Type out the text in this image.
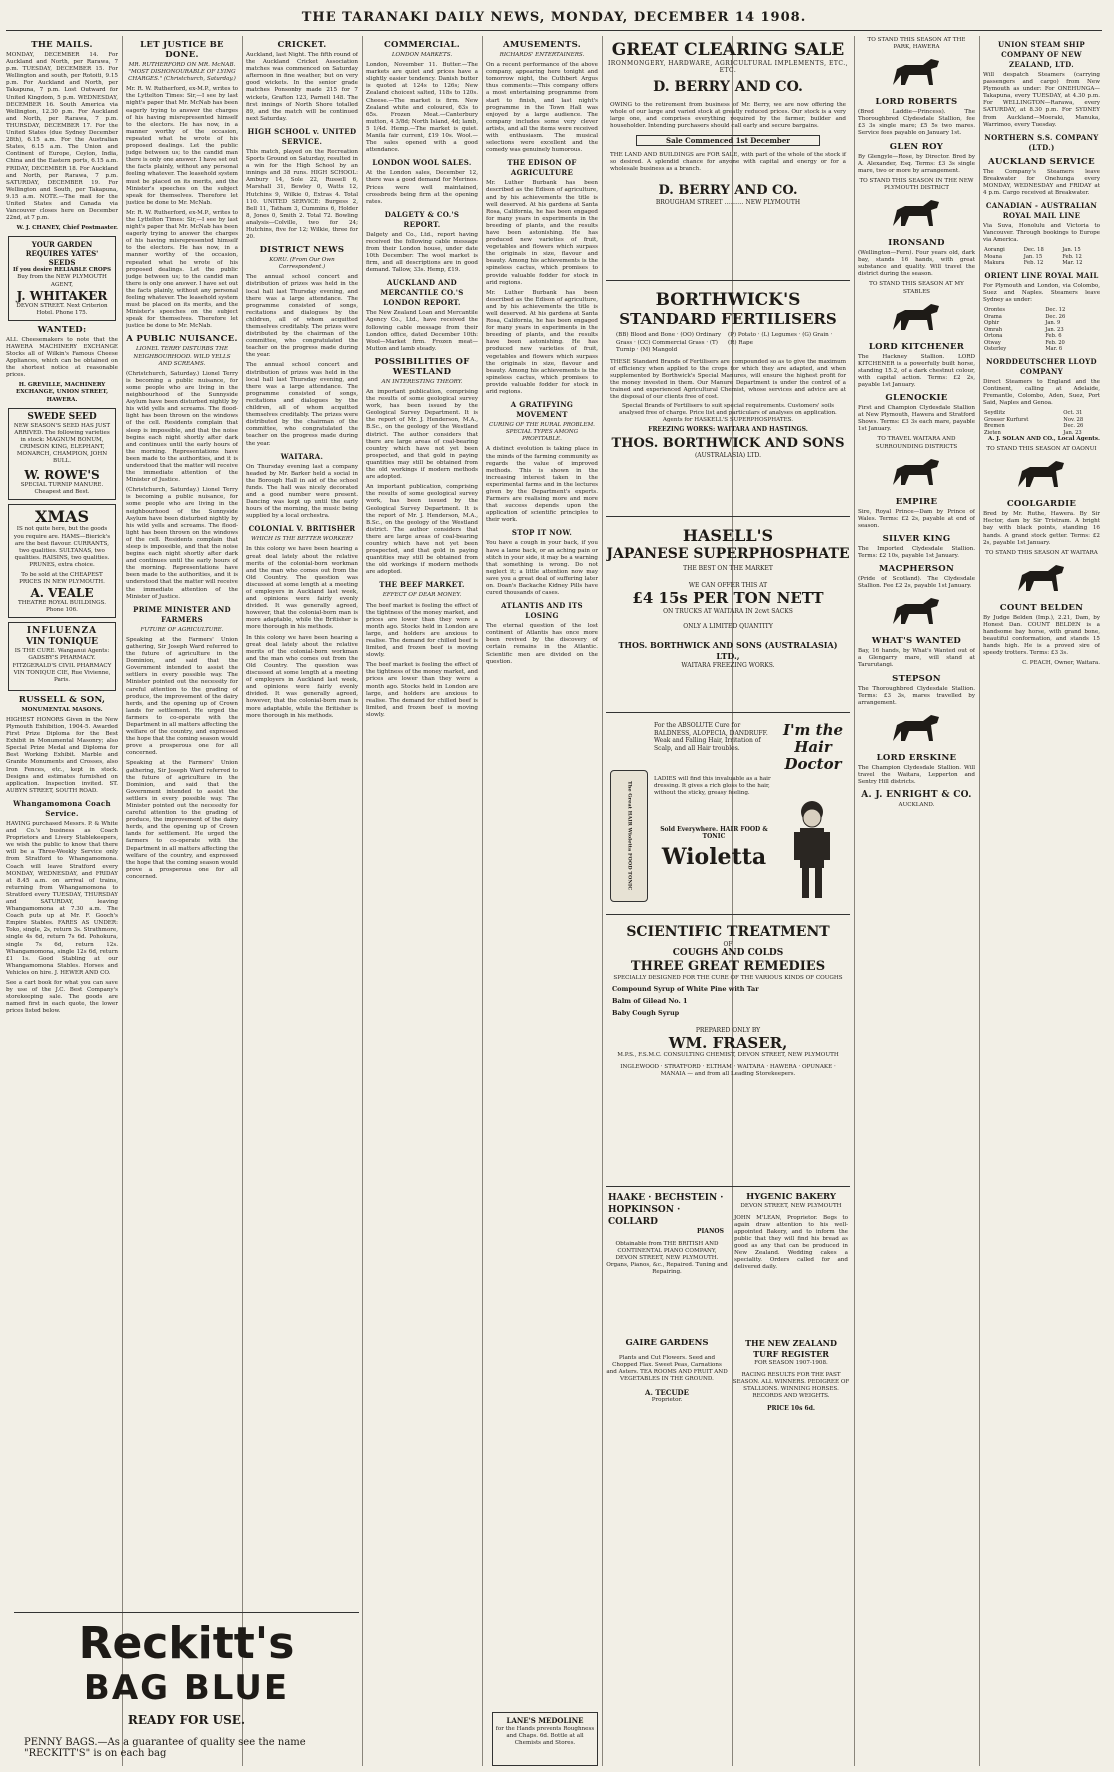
THE TARANAKI DAILY NEWS, MONDAY, DECEMBER 14 1908.
THE MAILS.

MONDAY, DECEMBER 14. For Auckland and North, per Rarawa, 7 p.m. TUESDAY, DECEMBER 15. For Wellington and south, per Rotoiti, 9.15 p.m. For Auckland and North, per Takapuna, 7 p.m. Lost Outward for United Kingdom, 5 p.m. WEDNESDAY, DECEMBER 16. South America via Wellington, 12.30 p.m. For Auckland and North, per Rarawa, 7 p.m. THURSDAY, DECEMBER 17. For the United States (due Sydney December 28th), 6.15 a.m. For the Australian States, 6.15 a.m. The Union and Continent of Europe, Ceylon, India, China and the Eastern ports, 6.15 a.m. FRIDAY, DECEMBER 18. For Auckland and North, per Rarawa, 7 p.m. SATURDAY, DECEMBER 19. For Wellington and South, per Takapuna, 9.15 a.m. NOTE.—The mail for the United States and Canada via Vancouver closes here on December 22nd, at 7 p.m.

W. J. CHANEY, Chief Postmaster.

YOUR GARDEN REQUIRES YATES' SEEDS
If you desire RELIABLE CROPS
Buy from the NEW PLYMOUTH AGENT,
J. WHITAKER
DEVON STREET. Next Criterion Hotel. Phone 175.
WANTED:

ALL Cheesemakers to note that the HAWERA MACHINERY EXCHANGE Stocks all of Wilkin's Famous Cheese Appliances, which can be obtained on the shortest notice at reasonable prices.

H. GREVILLE, MACHINERY EXCHANGE, UNION STREET, HAWERA.

SWEDE SEED

NEW SEASON'S SEED HAS JUST ARRIVED. The following varieties in stock: MAGNUM BONUM, CRIMSON KING, ELEPHANT, MONARCH, CHAMPION, JOHN BULL.

W. ROWE'S
SPECIAL TURNIP MANURE. Cheapest and Best.
XMAS

IS not quite here, but the goods you require are. HAMS—Bierick's are the best flavour. CURRANTS, two qualities. SULTANAS, two qualities. RAISINS, two qualities. PRUNES, extra choice.

To be sold at the CHEAPEST PRICES IN NEW PLYMOUTH.
A. VEALE
THEATRE ROYAL BUILDINGS. Phone 106.
INFLUENZA
VIN TONIQUE

IS THE CURE. Wanganui Agents: GADSBY'S PHARMACY. FITZGERALD'S CIVIL PHARMACY VIN TONIQUE CIE, Rue Vivienne, Paris.

RUSSELL & SON,
MONUMENTAL MASONS.

HIGHEST HONORS Given in the New Plymouth Exhibition, 1904-5. Awarded First Prize Diploma for the Best Exhibit in Monumental Masonry; also Special Prize Medal and Diploma for Best Working Exhibit. Marble and Granite Monuments and Crosses, also Iron Fences, etc., kept in stock. Designs and estimates furnished on application. Inspection invited. ST. AUBYN STREET, SOUTH ROAD.

Whangamomona Coach Service.

HAVING purchased Messrs. P. & White and Co.'s business as Coach Proprietors and Livery Stablekeepers, we wish the public to know that there will be a Three-Weekly Service only from Stratford to Whangamomona. Coach will leave Stratford every MONDAY, WEDNESDAY, and FRIDAY at 8.45 a.m. on arrival of trains, returning from Whangamomona to Stratford every TUESDAY, THURSDAY and SATURDAY, leaving Whangamomona at 7.30 a.m. The Coach puts up at Mr. F. Gooch's Empire Stables. FARES AS UNDER: Toko, single, 2s, return 3s. Strathmore, single 4s 6d, return 7s 6d. Pohokura, single 7s 6d, return 12s. Whangamomona, single 12s 6d, return £1 1s. Good Stabling at our Whangamomona Stables. Horses and Vehicles on hire. J. HEWER AND CO.

See a cart book for what you can save by use of the J.C. Best Company's storekeeping sale. The goods are named first in each quote, the lower prices listed below.

LET JUSTICE BE DONE.
MR. RUTHERFORD ON MR. McNAB. "MOST DISHONOURABLE OF LYING CHARGES." (Christchurch, Saturday.)

Mr. R. W. Rutherford, ex-M.P., writes to the Lyttelton Times: Sir,—I see by last night's paper that Mr. McNab has been eagerly trying to answer the charges of his having misrepresented himself to the electors. He has now, in a manner worthy of the occasion, repeated what he wrote of his proposed dealings. Let the public judge between us; to the candid man there is only one answer. I have set out the facts plainly, without any personal feeling whatever. The leasehold system must be placed on its merits, and the Minister's speeches on the subject speak for themselves. Therefore let justice be done to Mr. McNab.

Mr. R. W. Rutherford, ex-M.P., writes to the Lyttelton Times: Sir,—I see by last night's paper that Mr. McNab has been eagerly trying to answer the charges of his having misrepresented himself to the electors. He has now, in a manner worthy of the occasion, repeated what he wrote of his proposed dealings. Let the public judge between us; to the candid man there is only one answer. I have set out the facts plainly, without any personal feeling whatever. The leasehold system must be placed on its merits, and the Minister's speeches on the subject speak for themselves. Therefore let justice be done to Mr. McNab.

A PUBLIC NUISANCE.
LIONEL TERRY DISTURBS THE NEIGHBOURHOOD. WILD YELLS AND SCREAMS.

(Christchurch, Saturday.) Lionel Terry is becoming a public nuisance, for some people who are living in the neighbourhood of the Sunnyside Asylum have been disturbed nightly by his wild yells and screams. The flood-light has been thrown on the windows of the cell. Residents complain that sleep is impossible, and that the noise begins each night shortly after dark and continues until the early hours of the morning. Representations have been made to the authorities, and it is understood that the matter will receive the immediate attention of the Minister of Justice.

(Christchurch, Saturday.) Lionel Terry is becoming a public nuisance, for some people who are living in the neighbourhood of the Sunnyside Asylum have been disturbed nightly by his wild yells and screams. The flood-light has been thrown on the windows of the cell. Residents complain that sleep is impossible, and that the noise begins each night shortly after dark and continues until the early hours of the morning. Representations have been made to the authorities, and it is understood that the matter will receive the immediate attention of the Minister of Justice.

PRIME MINISTER AND FARMERS
FUTURE OF AGRICULTURE.

Speaking at the Farmers' Union gathering, Sir Joseph Ward referred to the future of agriculture in the Dominion, and said that the Government intended to assist the settlers in every possible way. The Minister pointed out the necessity for careful attention to the grading of produce, the improvement of the dairy herds, and the opening up of Crown lands for settlement. He urged the farmers to co-operate with the Department in all matters affecting the welfare of the country, and expressed the hope that the coming season would prove a prosperous one for all concerned.

Speaking at the Farmers' Union gathering, Sir Joseph Ward referred to the future of agriculture in the Dominion, and said that the Government intended to assist the settlers in every possible way. The Minister pointed out the necessity for careful attention to the grading of produce, the improvement of the dairy herds, and the opening up of Crown lands for settlement. He urged the farmers to co-operate with the Department in all matters affecting the welfare of the country, and expressed the hope that the coming season would prove a prosperous one for all concerned.

Reckitt's
BAG BLUE
READY FOR USE.
PENNY BAGS.—As a guarantee of quality see the name "RECKITT'S" is on each bag
CRICKET.

Auckland, last Night. The fifth round of the Auckland Cricket Association matches was commenced on Saturday afternoon in fine weather, but on very good wickets. In the senior grade matches Ponsonby made 215 for 7 wickets, Grafton 123, Parnell 148. The first innings of North Shore totalled 89, and the match will be continued next Saturday.

HIGH SCHOOL v. UNITED SERVICE.

This match, played on the Recreation Sports Ground on Saturday, resulted in a win for the High School by an innings and 38 runs. HIGH SCHOOL: Ambury 14, Sole 22, Russell 6, Marshall 31, Bewley 0, Watts 12, Hutchins 9, Wilkie 0, Extras 4. Total 110. UNITED SERVICE: Burgess 2, Bell 11, Tatham 3, Cummins 6, Holder 8, Jones 0, Smith 2. Total 72. Bowling analysis—Colville, two for 24; Hutchins, five for 12; Wilkie, three for 20.

DISTRICT NEWS
KORU. (From Our Own Correspondent.)

The annual school concert and distribution of prizes was held in the local hall last Thursday evening, and there was a large attendance. The programme consisted of songs, recitations and dialogues by the children, all of whom acquitted themselves creditably. The prizes were distributed by the chairman of the committee, who congratulated the teacher on the progress made during the year.

The annual school concert and distribution of prizes was held in the local hall last Thursday evening, and there was a large attendance. The programme consisted of songs, recitations and dialogues by the children, all of whom acquitted themselves creditably. The prizes were distributed by the chairman of the committee, who congratulated the teacher on the progress made during the year.

WAITARA.

On Thursday evening last a company headed by Mr. Barker held a social in the Borough Hall in aid of the school funds. The hall was nicely decorated and a good number were present. Dancing was kept up until the early hours of the morning, the music being supplied by a local orchestra.

COLONIAL V. BRITISHER
WHICH IS THE BETTER WORKER?

In this colony we have been hearing a great deal lately about the relative merits of the colonial-born workman and the man who comes out from the Old Country. The question was discussed at some length at a meeting of employers in Auckland last week, and opinions were fairly evenly divided. It was generally agreed, however, that the colonial-born man is more adaptable, while the Britisher is more thorough in his methods.

In this colony we have been hearing a great deal lately about the relative merits of the colonial-born workman and the man who comes out from the Old Country. The question was discussed at some length at a meeting of employers in Auckland last week, and opinions were fairly evenly divided. It was generally agreed, however, that the colonial-born man is more adaptable, while the Britisher is more thorough in his methods.

COMMERCIAL.
LONDON MARKETS.

London, November 11. Butter.—The markets are quiet and prices have a slightly easier tendency. Danish butter is quoted at 124s to 126s; New Zealand choicest salted, 118s to 120s. Cheese.—The market is firm. New Zealand white and coloured, 63s to 65s. Frozen Meat.—Canterbury mutton, 4 3/8d; North Island, 4d; lamb, 5 1/4d. Hemp.—The market is quiet. Manila fair current, £19 10s. Wool.—The sales opened with a good attendance.

LONDON WOOL SALES.

At the London sales, December 12, there was a good demand for Merinos. Prices were well maintained, crossbreds being firm at the opening rates.

DALGETY & CO.'S REPORT.

Dalgety and Co., Ltd., report having received the following cable message from their London house, under date 10th December: The wool market is firm, and all descriptions are in good demand. Tallow, 33s. Hemp, £19.

AUCKLAND AND MERCANTILE CO.'S LONDON REPORT.

The New Zealand Loan and Mercantile Agency Co., Ltd., have received the following cable message from their London office, dated December 10th: Wool—Market firm. Frozen meat—Mutton and lamb steady.

POSSIBILITIES OF WESTLAND
AN INTERESTING THEORY.

An important publication, comprising the results of some geological survey work, has been issued by the Geological Survey Department. It is the report of Mr. J. Henderson, M.A., B.Sc., on the geology of the Westland district. The author considers that there are large areas of coal-bearing country which have not yet been prospected, and that gold in paying quantities may still be obtained from the old workings if modern methods are adopted.

An important publication, comprising the results of some geological survey work, has been issued by the Geological Survey Department. It is the report of Mr. J. Henderson, M.A., B.Sc., on the geology of the Westland district. The author considers that there are large areas of coal-bearing country which have not yet been prospected, and that gold in paying quantities may still be obtained from the old workings if modern methods are adopted.

THE BEEF MARKET.
EFFECT OF DEAR MONEY.

The beef market is feeling the effect of the tightness of the money market, and prices are lower than they were a month ago. Stocks held in London are large, and holders are anxious to realise. The demand for chilled beef is limited, and frozen beef is moving slowly.

The beef market is feeling the effect of the tightness of the money market, and prices are lower than they were a month ago. Stocks held in London are large, and holders are anxious to realise. The demand for chilled beef is limited, and frozen beef is moving slowly.

AMUSEMENTS.
RICHARDS' ENTERTAINERS.

On a recent performance of the above company, appearing here tonight and tomorrow night, the Cuthbert Argus thus comments:—This company offers a most entertaining programme from start to finish, and last night's programme in the Town Hall was enjoyed by a large audience. The company includes some very clever artists, and all the items were received with enthusiasm. The musical selections were excellent and the comedy was genuinely humorous.

THE EDISON OF AGRICULTURE

Mr. Luther Burbank has been described as the Edison of agriculture, and by his achievements the title is well deserved. At his gardens at Santa Rosa, California, he has been engaged for many years in experiments in the breeding of plants, and the results have been astonishing. He has produced new varieties of fruit, vegetables and flowers which surpass the originals in size, flavour and beauty. Among his achievements is the spineless cactus, which promises to provide valuable fodder for stock in arid regions.

Mr. Luther Burbank has been described as the Edison of agriculture, and by his achievements the title is well deserved. At his gardens at Santa Rosa, California, he has been engaged for many years in experiments in the breeding of plants, and the results have been astonishing. He has produced new varieties of fruit, vegetables and flowers which surpass the originals in size, flavour and beauty. Among his achievements is the spineless cactus, which promises to provide valuable fodder for stock in arid regions.

A GRATIFYING MOVEMENT
CURING OF THE RURAL PROBLEM. SPECIAL TYPES AMONG PROFITABLE.

A distinct evolution is taking place in the minds of the farming community as regards the value of improved methods. This is shown in the increasing interest taken in the experimental farms and in the lectures given by the Department's experts. Farmers are realising more and more that success depends upon the application of scientific principles to their work.

STOP IT NOW.

You have a cough in your back, if you have a lame back, or an aching pain or stitch in your side, it may be a warning that something is wrong. Do not neglect it; a little attention now may save you a great deal of suffering later on. Doan's Backache Kidney Pills have cured thousands of cases.

ATLANTIS AND ITS LOSING

The eternal question of the lost continent of Atlantis has once more been revived by the discovery of certain remains in the Atlantic. Scientific men are divided on the question.

LANE'S MEDOLINE
for the Hands prevents Roughness and Chaps. 6d. Bottle at all Chemists and Stores.
GREAT CLEARING SALE
IRONMONGERY, HARDWARE, AGRICULTURAL IMPLEMENTS, ETC., ETC.
D. BERRY AND CO.

OWING to the retirement from business of Mr. Berry, we are now offering the whole of our large and varied stock at greatly reduced prices. Our stock is a very large one, and comprises everything required by the farmer, builder and householder. Intending purchasers should call early and secure bargains.

Sale Commenced 1st December

THE LAND AND BUILDINGS are FOR SALE, with part of the whole of the stock if so desired. A splendid chance for anyone with capital and energy or for a wholesale business as a branch.

D. BERRY AND CO.
BROUGHAM STREET .......... NEW PLYMOUTH
BORTHWICK'S
STANDARD FERTILISERS
(BB) Blood and Bone · (OO) Ordinary Grass · (CC) Commercial Grass · (T) Turnip · (M) Mangold
(P) Potato · (L) Legumes · (G) Grain · (R) Rape

THESE Standard Brands of Fertilisers are compounded so as to give the maximum of efficiency when applied to the crops for which they are adapted, and when supplemented by Borthwick's Special Manures, will ensure the highest profit for the money invested in them. Our Manure Department is under the control of a trained and experienced Agricultural Chemist, whose services and advice are at the disposal of our clients free of cost.

Special Brands of Fertilisers to suit special requirements. Customers' soils analysed free of charge. Price list and particulars of analyses on application. Agents for HASKELL'S SUPERPHOSPHATES.

FREEZING WORKS: WAITARA AND HASTINGS.
THOS. BORTHWICK AND SONS
(AUSTRALASIA) LTD.
HASELL'S
JAPANESE SUPERPHOSPHATE
THE BEST ON THE MARKET
WE CAN OFFER THIS AT
£4 15s PER TON NETT
ON TRUCKS AT WAITARA IN 2cwt SACKS
ONLY A LIMITED QUANTITY
THOS. BORTHWICK AND SONS (AUSTRALASIA) LTD.,
WAITARA FREEZING WORKS.
The Great HAIR Wioletta FOOD TONIC
For the ABSOLUTE Cure for BALDNESS, ALOPECIA, DANDRUFF. Weak and Falling Hair, Irritation of Scalp, and all Hair troubles.
LADIES will find this invaluable as a hair dressing. It gives a rich gloss to the hair, without the sticky, greasy feeling.
Sold Everywhere. HAIR FOOD & TONIC
Wioletta
I'm the Hair Doctor
SCIENTIFIC TREATMENT
OF
COUGHS AND COLDS
THREE GREAT REMEDIES
SPECIALLY DESIGNED FOR THE CURE OF THE VARIOUS KINDS OF COUGHS
Compound Syrup of White Pine with Tar
Balm of Gilead No. 1
Baby Cough Syrup
PREPARED ONLY BY
WM. FRASER,
M.P.S., F.S.M.C. CONSULTING CHEMIST, DEVON STREET, NEW PLYMOUTH
INGLEWOOD · STRATFORD · ELTHAM · WAITARA · HAWERA · OPUNAKE · MANAIA — and from all Leading Storekeepers.
HAAKE · BECHSTEIN · HOPKINSON · COLLARD
PIANOS

Obtainable from THE BRITISH AND CONTINENTAL PIANO COMPANY, DEVON STREET, NEW PLYMOUTH. Organs, Pianos, &c., Repaired. Tuning and Repairing.

HYGENIC BAKERY
DEVON STREET, NEW PLYMOUTH

JOHN M'LEAN, Proprietor. Begs to again draw attention to his well-appointed Bakery, and to inform the public that they will find his bread as good as any that can be produced in New Zealand. Wedding cakes a speciality. Orders called for and delivered daily.

GAIRE GARDENS

Plants and Cut Flowers. Seed and Chopped Flax. Sweet Peas, Carnations and Asters. TEA ROOMS AND FRUIT AND VEGETABLES IN THE GROUND.

A. TECUDE
Proprietor.
THE NEW ZEALAND TURF REGISTER
FOR SEASON 1907-1908.

RACING RESULTS FOR THE PAST SEASON. ALL WINNERS. PEDIGREE OF STALLIONS. WINNING HORSES. RECORDS AND WEIGHTS.

PRICE 10s 6d.
TO STAND THIS SEASON AT THE PARK, HAWERA
LORD ROBERTS

(Bred Laddie—Princess). The Thoroughbred Clydesdale Stallion, fee £3 3s single mare; £5 5s two mares. Service fees payable on January 1st.

GLEN ROY

By Glengyle—Rose, by Director. Bred by A. Alexander, Esq. Terms: £3 3s single mare, two or more by arrangement.

TO STAND THIS SEASON IN THE NEW PLYMOUTH DISTRICT
IRONSAND

(Wellington—Fern). Four years old, dark bay, stands 16 hands, with great substance and quality. Will travel the district during the season.

TO STAND THIS SEASON AT MY STABLES
LORD KITCHENER

The Hackney Stallion. LORD KITCHENER is a powerfully built horse, standing 15.2, of a dark chestnut colour, with capital action. Terms: £2 2s, payable 1st January.

GLENOCKIE

First and Champion Clydesdale Stallion at New Plymouth, Hawera and Stratford Shows. Terms: £3 3s each mare, payable 1st January.

TO TRAVEL WAITARA AND SURROUNDING DISTRICTS
EMPIRE

Sire, Royal Prince—Dam by Prince of Wales. Terms: £2 2s, payable at end of season.

SILVER KING

The Imported Clydesdale Stallion. Terms: £2 10s, payable 1st January.

MACPHERSON

(Pride of Scotland). The Clydesdale Stallion. Fee £2 2s, payable 1st January.

WHAT'S WANTED

Bay, 16 hands, by What's Wanted out of a Glengarry mare, will stand at Tarurutangi.

STEPSON

The Thoroughbred Clydesdale Stallion. Terms: £3 3s, mares travelled by arrangement.

LORD ERSKINE

The Champion Clydesdale Stallion. Will travel the Waitara, Lepperton and Sentry Hill districts.

A. J. ENRIGHT & CO.
AUCKLAND.
UNION STEAM SHIP COMPANY OF NEW ZEALAND, LTD.

Will despatch Steamers (carrying passengers and cargo) from New Plymouth as under: For ONEHUNGA—Takapuna, every TUESDAY, at 4.30 p.m. For WELLINGTON—Rarawa, every SATURDAY, at 8.30 p.m. For SYDNEY from Auckland—Moeraki, Manuka, Warrimoo, every Tuesday.

NORTHERN S.S. COMPANY (LTD.)
AUCKLAND SERVICE

The Company's Steamers leave Breakwater for Onehunga every MONDAY, WEDNESDAY and FRIDAY at 4 p.m. Cargo received at Breakwater.

CANADIAN - AUSTRALIAN ROYAL MAIL LINE

Via Suva, Honolulu and Victoria to Vancouver. Through bookings to Europe via America.

Aorangi	Dec. 18	Jan. 15
Moana	Jan. 15	Feb. 12
Makura	Feb. 12	Mar. 12
ORIENT LINE ROYAL MAIL

For Plymouth and London, via Colombo, Suez and Naples. Steamers leave Sydney as under:

Orontes	Dec. 12
Orama	Dec. 26
Ophir	Jan. 9
Omrah	Jan. 23
Ortona	Feb. 6
Otway	Feb. 20
Osterley	Mar. 6
NORDDEUTSCHER LLOYD COMPANY

Direct Steamers to England and the Continent, calling at Adelaide, Fremantle, Colombo, Aden, Suez, Port Said, Naples and Genoa.

Seydlitz	Oct. 31
Grosser Kurfurst	Nov. 28
Bremen	Dec. 26
Zieten	Jan. 23

A. J. SOLAN AND CO., Local Agents.

TO STAND THIS SEASON AT OAONUI
COOLGARDIE

Bred by Mr. Ruthe, Hawera. By Sir Hector, dam by Sir Tristram. A bright bay with black points, standing 16 hands. A grand stock getter. Terms: £2 2s, payable 1st January.

TO STAND THIS SEASON AT WAITARA
COUNT BELDEN

By Judge Belden (Imp.), 2.21, Dam, by Honest Dan. COUNT BELDEN is a handsome bay horse, with grand bone, beautiful conformation, and stands 15 hands high. He is a proved sire of speedy trotters. Terms: £3 3s.

C. PEACH, Owner, Waitara.
